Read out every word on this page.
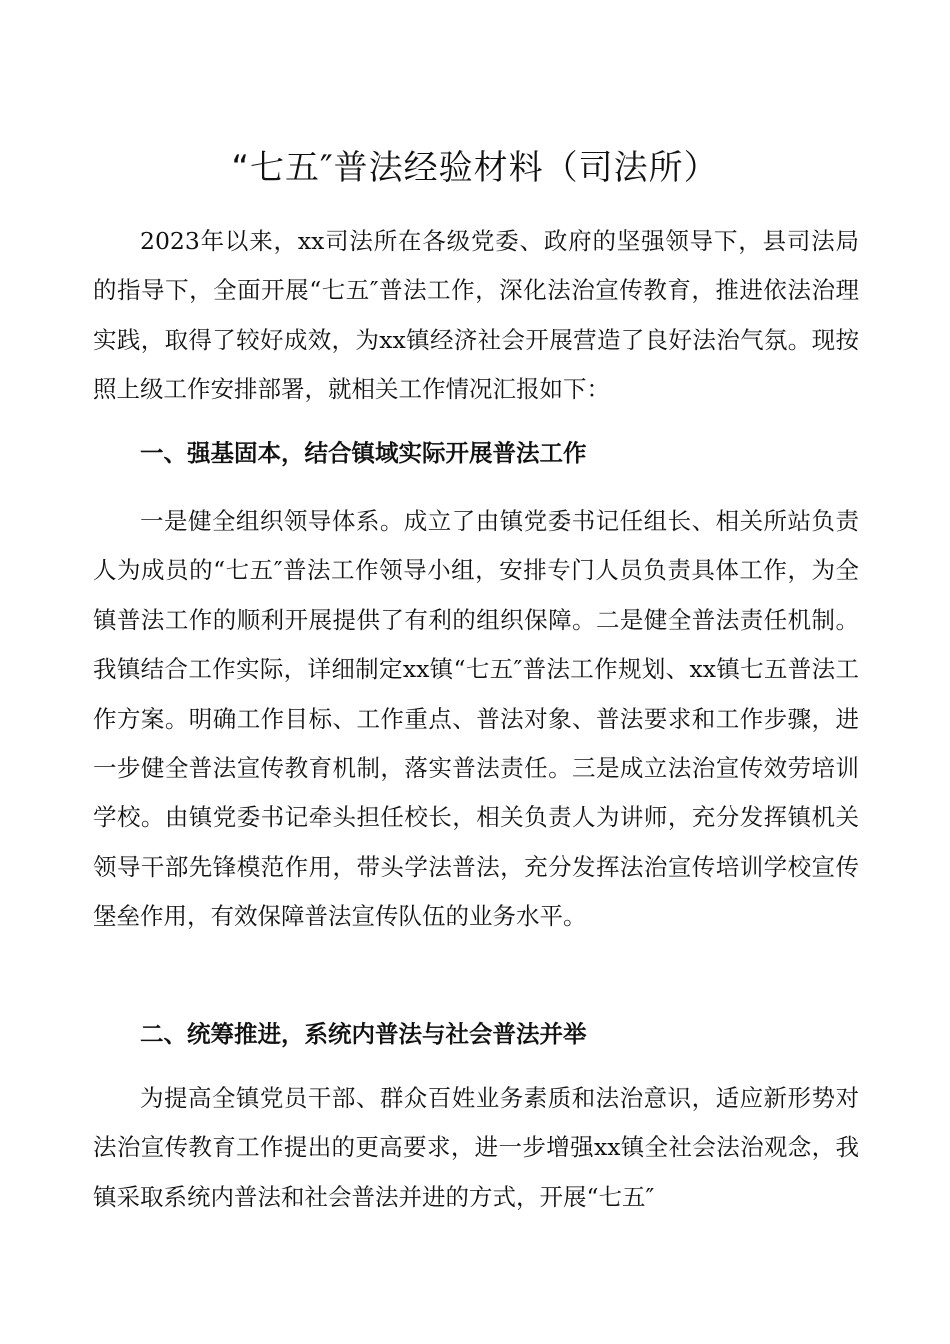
“七五″普法经验材料（司法所）
2023年以来，xx司法所在各级党委、政府的坚强领导下，县司法局的指导下，全面开展“七五″普法工作，深化法治宣传教育，推进依法治理实践，取得了较好成效，为xx镇经济社会开展营造了良好法治气氛。现按照上级工作安排部署，就相关工作情况汇报如下：
一、强基固本，结合镇域实际开展普法工作
一是健全组织领导体系。成立了由镇党委书记任组长、相关所站负责人为成员的“七五″普法工作领导小组，安排专门人员负责具体工作，为全镇普法工作的顺利开展提供了有利的组织保障。二是健全普法责任机制。我镇结合工作实际，详细制定xx镇“七五″普法工作规划、xx镇七五普法工作方案。明确工作目标、工作重点、普法对象、普法要求和工作步骤，进一步健全普法宣传教育机制，落实普法责任。三是成立法治宣传效劳培训学校。由镇党委书记牵头担任校长，相关负责人为讲师，充分发挥镇机关领导干部先锋模范作用，带头学法普法，充分发挥法治宣传培训学校宣传堡垒作用，有效保障普法宣传队伍的业务水平。
二、统筹推进，系统内普法与社会普法并举
为提高全镇党员干部、群众百姓业务素质和法治意识，适应新形势对法治宣传教育工作提出的更高要求，进一步增强xx镇全社会法治观念，我镇采取系统内普法和社会普法并进的方式，开展“七五″
